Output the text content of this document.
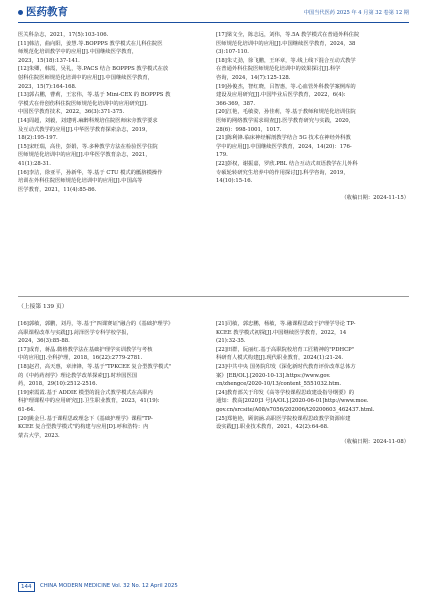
医药教育	中国当代医药 2025 年 4 月第 32 卷第 12 期
医关科杂志，2021，17(5):103-106.
[11]韩洁，曲向阳，姜慧.等.BOPPPS 教学模式在儿科住院医
师规范化培训教学中的应用[J].中国继续医学教育，
2023，15(18):137-141.
[12]朱卿，韩霞，吴礼，等.PACS 结合 BOPPPS 教学模式在放
射科住院医师规范化培训中的应用[J].中国继续医学教育，
2023，15(7):164-168.
[13]郭占鹏，曹莉，王宏伟，等.基于 Mini-CEX 的 BOPPPS 教
学模式在骨创伤科住院医师规范化培训中的应用研究[J].
中国医学教育技术，2022，36(3):371-375.
[14]周超，刘毅，刘建明.麻醉科规培住院医师床旁教学要求
及互动式教学的应用[J].中华医学教育探索杂志，2019，
18(2):195-197.
[15]宋旺瑞，高佳，彭娟，等.多种教学方法在检验医学住院
医师规范化培训中的应用[J].中华医学教育杂志，2021，
41(1):28-31.
[16]李洁，徐亚平，孙新华，等.基于 CTU 模式的骶脐模操作
培训在外科住院医师规范化培训中的应用[J].中国高等
医学教育，2021，11(4):85-86.
[17]梁文全，陈志远，刘伟，等.5A 教学模式在普通外科住院
医师规范化培训中的应用[J].中国继续医学教育，2024，38
(3):107-110.
[18]朱丈劲，徐飞鹏，王环章，等.线上线下混合互动式教学
在普通外科住院医师规范化培训中的效果探讨[J].科学
咨询，2024，14(7):125-128.
[19]孙俊杰，智红晓，吕智惠，等.心血管外科教学案例库的
建设及应用研究[J].中国毕业后医学教育，2022，6(4):
366-369，387.
[20]江艳，毛敏姿，孙佳莉，等.基于教师和规范化培训住院
医师的网络教学需求调查[J].医学教育研究与实践，2020，
28(6)：998-1001，1017.
[21]陈利锋.临床神经解剖教学结合 5G 技术在神经外科教
学中的应用[J].中国继续医学教育，2024，14(20)：176-
179.
[22]彭权，谢振嘉，罗欣.PBL 结合互动式双语教学在儿外科
专硕轮转研究生培养中的作用探讨[J].科学咨询，2019，
14(10):15-16.
（收稿日期：2024-11-15）
（上接第 139 页）
[16]郭敏，郭鹏，刘丹，等.基于"四课赛证"融合的《基础护理学》
高职课程改革与实践[J].菏泽医学专科学校学报，
2024，36(3):85-88.
[17]成育，蒋晶.微格教学法在基础护理学实训教学与考核
中的应用[J].全科护理，2018，16(22):2779-2781.
[18]赵君，高天惠，章津锋，等.基于"TPKCEE 复合型教学模式"
的《中药药剂学》理论教学改革探索[J].时珍国医国
药，2018，29(10):2512-2516.
[19]索霞霞.基于 ADDIE 模型的混合式教学模式在高职内
科护理课程中的应用研究[J].卫生职业教育，2023，41(19):
61-64.
[20]姚金旦.基于课程思政理念下《基础护理学》课程"TP-
KCEE 复合型教学模式"的构建与应用[D].呼和浩特：内
蒙古大学，2023.
[21]司敏，郭忠鹏，杨敏，等.融课程思政于护理学导论 TP-
KCEE 教学模式初探[J].中国继续医学教育，2022，14
(21):32-35.
[22]田群，阮丽红.基于高职院校培育工匠精神的"PDHCP"
科研育人模式构建[J].现代职业教育，2024(1):21-24.
[23]中共中央 国务院印发《深化新时代教育评价改革总体方
案》[EB/OL].[2020-10-13].https://www.gov.
cn/zhengce/2020-10/13/content_5551032.htm.
[24]教育部关于印发《高等学校课程思政建设指导纲要》的
通知：教高[2020]3 号[A/OL].[2020-06-01]http://www.moe.
gov.cn/srcsite/A08/s7056/202006/t20200603_462437.html.
[25]郑艳艳，顾润涵.高职医学院校课程思政教学资源库建
设实践[J].职业技术教育，2021，42(2):64-68.
（收稿日期：2024-11-08）
144	CHINA MODERN MEDICINE Vol. 32 No. 12 April 2025
